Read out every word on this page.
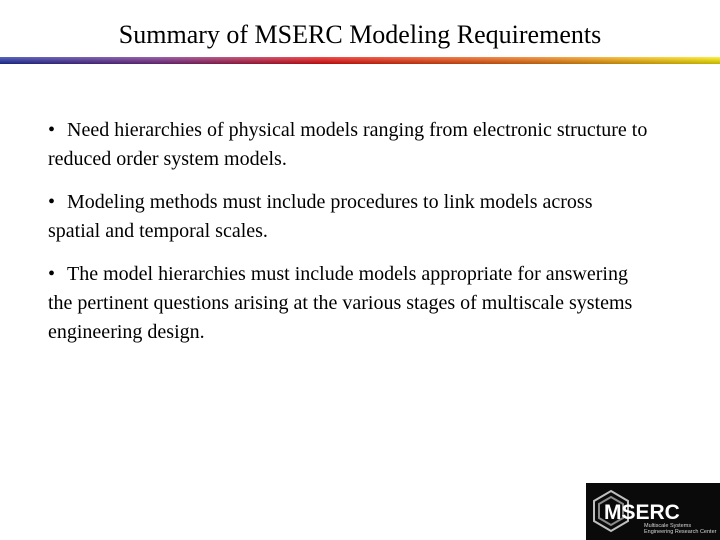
Summary of MSERC Modeling Requirements
• Need hierarchies of physical models ranging from electronic structure to reduced order system models.
• Modeling methods must include procedures to link models across spatial and temporal scales.
• The model hierarchies must include models appropriate for answering the pertinent questions arising at the various stages of multiscale systems engineering design.
MSERC
Multiscale Systems
Engineering Research Center
